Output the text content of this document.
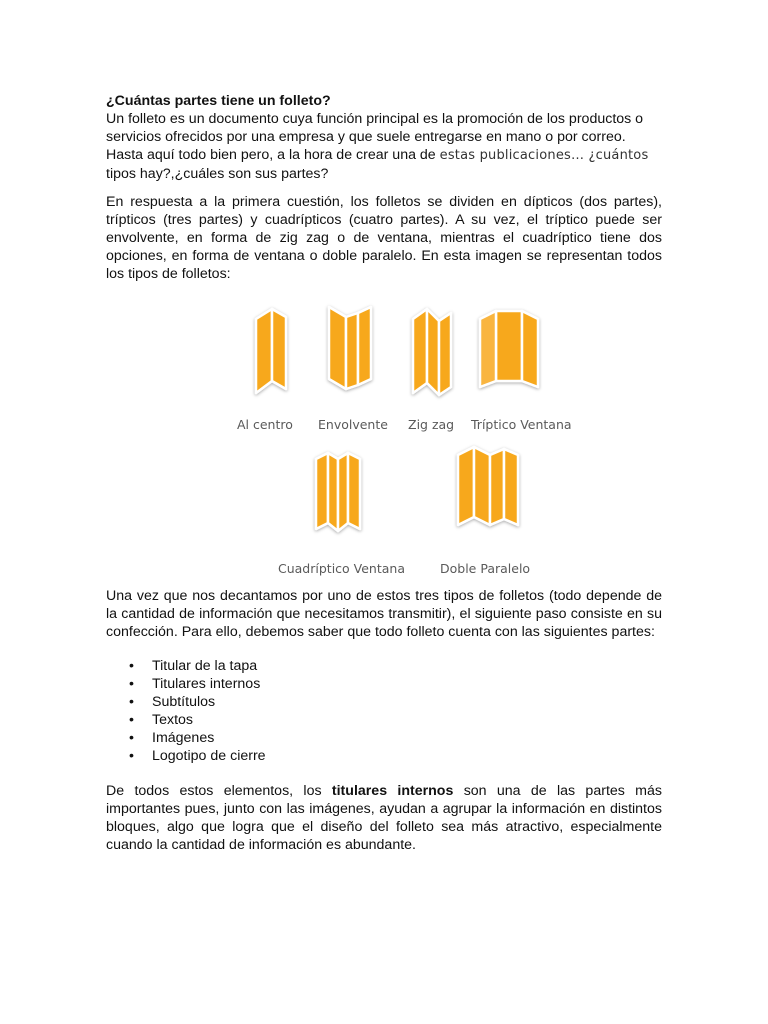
¿Cuántas partes tiene un folleto?

Un folleto es un documento cuya función principal es la promoción de los productos o servicios ofrecidos por una empresa y que suele entregarse en mano o por correo. Hasta aquí todo bien pero, a la hora de crear una de estas publicaciones… ¿cuántos tipos hay?,¿cuáles son sus partes?

En respuesta a la primera cuestión, los folletos se dividen en dípticos (dos partes), trípticos (tres partes) y cuadrípticos (cuatro partes). A su vez, el tríptico puede ser envolvente, en forma de zig zag o de ventana, mientras el cuadríptico tiene dos opciones, en forma de ventana o doble paralelo. En esta imagen se representan todos los tipos de folletos:

Al centro Envolvente Zig zag Tríptico Ventana
Cuadríptico Ventana	Doble Paralelo

Una vez que nos decantamos por uno de estos tres tipos de folletos (todo depende de la cantidad de información que necesitamos transmitir), el siguiente paso consiste en su confección. Para ello, debemos saber que todo folleto cuenta con las siguientes partes:

• Titular de la tapa
• Titulares internos
• Subtítulos
• Textos
• Imágenes
• Logotipo de cierre

De todos estos elementos, los titulares internos son una de las partes más importantes pues, junto con las imágenes, ayudan a agrupar la información en distintos bloques, algo que logra que el diseño del folleto sea más atractivo, especialmente cuando la cantidad de información es abundante.
